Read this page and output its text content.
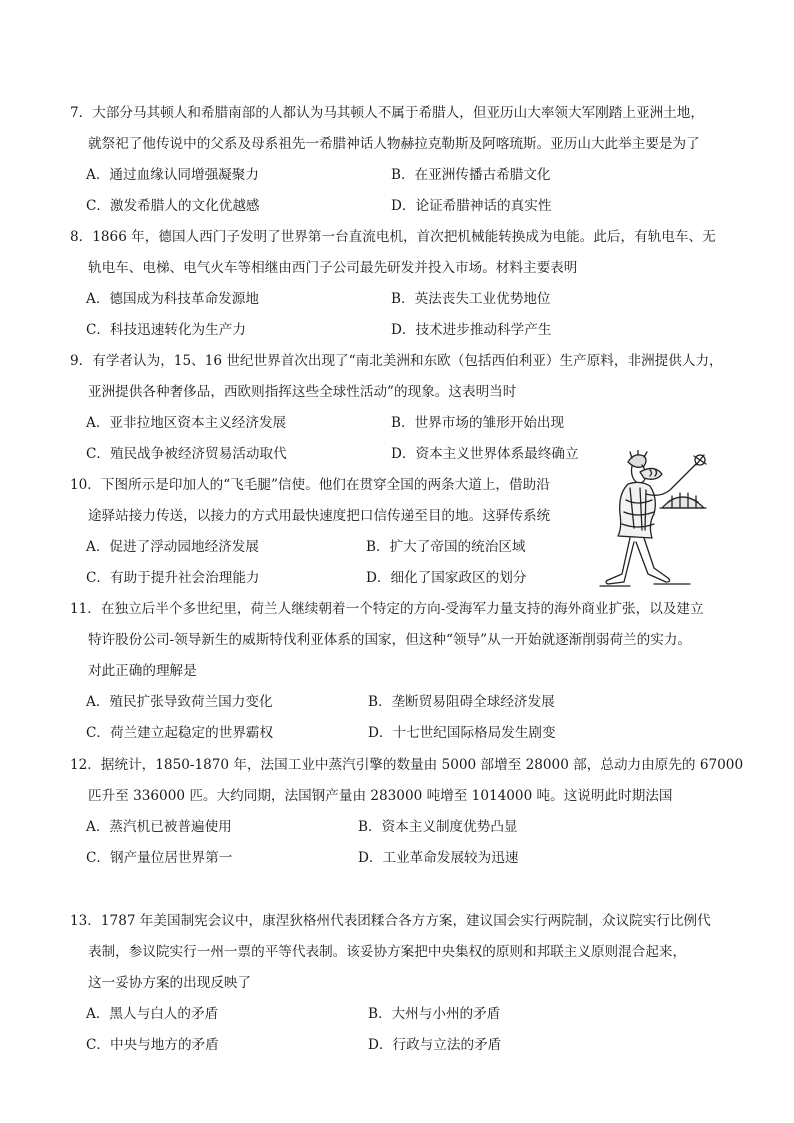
7．大部分马其顿人和希腊南部的人都认为马其顿人不属于希腊人，但亚历山大率领大军刚踏上亚洲土地，
就祭祀了他传说中的父系及母系祖先一希腊神话人物赫拉克勒斯及阿喀琉斯。亚历山大此举主要是为了
A．通过血缘认同增强凝聚力	B．在亚洲传播古希腊文化
C．激发希腊人的文化优越感	D．论证希腊神话的真实性
8．1866 年，德国人西门子发明了世界第一台直流电机，首次把机械能转换成为电能。此后，有轨电车、无
轨电车、电梯、电气火车等相继由西门子公司最先研发并投入市场。材料主要表明
A．德国成为科技革命发源地	B．英法丧失工业优势地位
C．科技迅速转化为生产力	D．技术进步推动科学产生
9．有学者认为，15、16 世纪世界首次出现了“南北美洲和东欧（包括西伯利亚）生产原料，非洲提供人力，
亚洲提供各种奢侈品，西欧则指挥这些全球性活动”的现象。这表明当时
A．亚非拉地区资本主义经济发展	B．世界市场的雏形开始出现
C．殖民战争被经济贸易活动取代	D．资本主义世界体系最终确立
10．下图所示是印加人的“飞毛腿”信使。他们在贯穿全国的两条大道上，借助沿
途驿站接力传送，以接力的方式用最快速度把口信传递至目的地。这驿传系统
A．促进了浮动园地经济发展	B．扩大了帝国的统治区域
C．有助于提升社会治理能力	D．细化了国家政区的划分
11．在独立后半个多世纪里，荷兰人继续朝着一个特定的方向-受海军力量支持的海外商业扩张，以及建立
特许股份公司-领导新生的威斯特伐利亚体系的国家，但这种“领导”从一开始就逐渐削弱荷兰的实力。
对此正确的理解是
A．殖民扩张导致荷兰国力变化	B．垄断贸易阻碍全球经济发展
C．荷兰建立起稳定的世界霸权	D．十七世纪国际格局发生剧变
12．据统计，1850-1870 年，法国工业中蒸汽引擎的数量由 5000 部增至 28000 部，总动力由原先的 67000
匹升至 336000 匹。大约同期，法国钢产量由 283000 吨增至 1014000 吨。这说明此时期法国
A．蒸汽机已被普遍使用	B．资本主义制度优势凸显
C．钢产量位居世界第一	D．工业革命发展较为迅速
13．1787 年美国制宪会议中，康涅狄格州代表团糅合各方方案，建议国会实行两院制，众议院实行比例代
表制，参议院实行一州一票的平等代表制。该妥协方案把中央集权的原则和邦联主义原则混合起来，
这一妥协方案的出现反映了
A．黑人与白人的矛盾	B．大州与小州的矛盾
C．中央与地方的矛盾	D．行政与立法的矛盾
